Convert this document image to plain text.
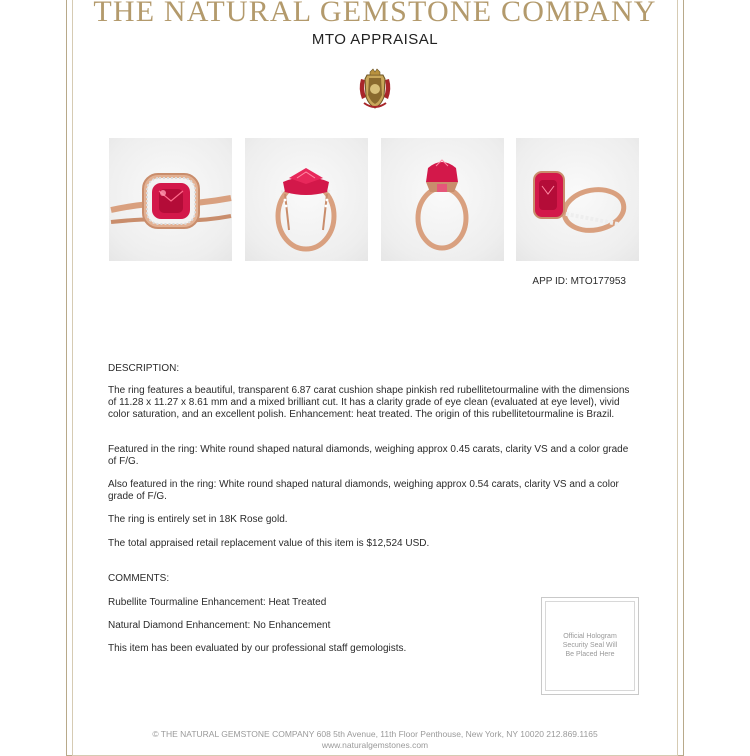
THE NATURAL GEMSTONE COMPANY
MTO APPRAISAL
APP ID: MTO177953
DESCRIPTION:
The ring features a beautiful, transparent 6.87 carat cushion shape pinkish red rubellitetourmaline with the dimensions of 11.28 x 11.27 x 8.61 mm and a mixed brilliant cut. It has a clarity grade of eye clean (evaluated at eye level), vivid color saturation, and an excellent polish. Enhancement: heat treated. The origin of this rubellitetourmaline is Brazil.
Featured in the ring: White round shaped natural diamonds, weighing approx 0.45 carats, clarity VS and a color grade of F/G.
Also featured in the ring: White round shaped natural diamonds, weighing approx 0.54 carats, clarity VS and a color grade of F/G.
The ring is entirely set in 18K Rose gold.
The total appraised retail replacement value of this item is $12,524 USD.
COMMENTS:
Rubellite Tourmaline Enhancement: Heat Treated
Natural Diamond Enhancement: No Enhancement
This item has been evaluated by our professional staff gemologists.
Official Hologram
Security Seal Will
Be Placed Here
© THE NATURAL GEMSTONE COMPANY 608 5th Avenue, 11th Floor Penthouse, New York, NY 10020 212.869.1165
www.naturalgemstones.com
